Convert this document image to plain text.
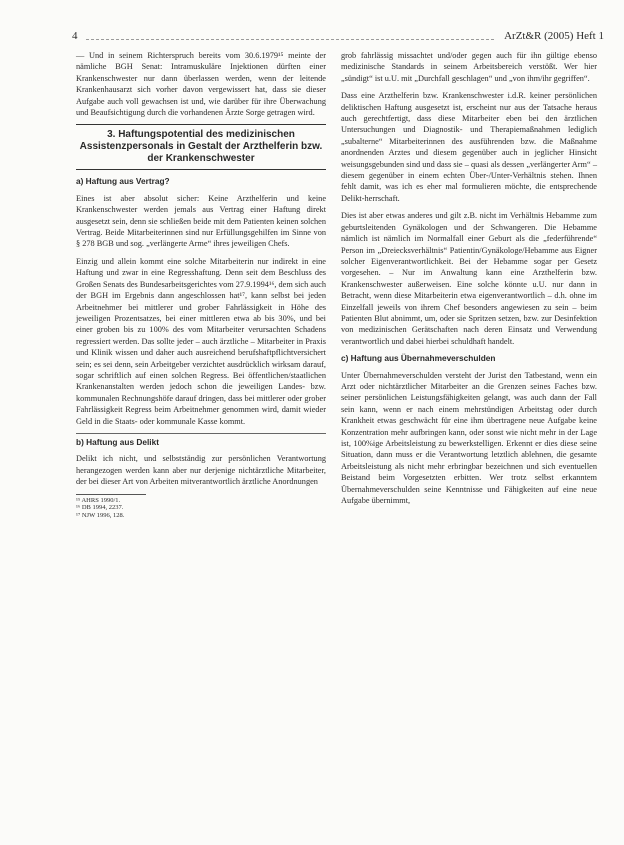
4	ArZt&R (2005) Heft 1

— Und in seinem Richterspruch bereits vom 30.6.1979¹⁵ meinte der nämliche BGH Senat: Intramuskuläre Injektionen dürften einer Krankenschwester nur dann überlassen werden, wenn der leitende Krankenhausarzt sich vorher davon vergewissert hat, dass sie dieser Aufgabe auch voll gewachsen ist und, wie darüber für ihre Überwachung und Beaufsichtigung durch die vorhandenen Ärzte Sorge getragen wird.

3. Haftungspotential des medizinischen Assistenzpersonals in Gestalt der Arzthelferin bzw. der Krankenschwester
a) Haftung aus Vertrag?

Eines ist aber absolut sicher: Keine Arzthelferin und keine Krankenschwester werden jemals aus Vertrag einer Haftung direkt ausgesetzt sein, denn sie schließen beide mit dem Patienten keinen solchen Vertrag. Beide Mitarbeiterinnen sind nur Erfüllungsgehilfen im Sinne von § 278 BGB und sog. „verlängerte Arme“ ihres jeweiligen Chefs.

Einzig und allein kommt eine solche Mitarbeiterin nur indirekt in eine Haftung und zwar in eine Regresshaftung. Denn seit dem Beschluss des Großen Senats des Bundesarbeitsgerichtes vom 27.9.1994¹⁶, dem sich auch der BGH im Ergebnis dann angeschlossen hat¹⁷, kann selbst bei jeden Arbeitnehmer bei mittlerer und grober Fahrlässigkeit in Höhe des jeweiligen Prozentsatzes, bei einer mittleren etwa ab bis 30%, und bei einer groben bis zu 100% des vom Mitarbeiter verursachten Schadens regressiert werden. Das sollte jeder – auch ärztliche – Mitarbeiter in Praxis und Klinik wissen und daher auch ausreichend berufshaftpflichtversichert sein; es sei denn, sein Arbeitgeber verzichtet ausdrücklich wirksam darauf, sogar schriftlich auf einen solchen Regress. Bei öffentlichen/staatlichen Krankenanstalten werden jedoch schon die jeweiligen Landes- bzw. kommunalen Rechnungshöfe darauf dringen, dass bei mittlerer oder grober Fahrlässigkeit Regress beim Arbeitnehmer genommen wird, damit wieder Geld in die Staats- oder kommunale Kasse kommt.

b) Haftung aus Delikt

Delikt ich nicht, und selbstständig zur persönlichen Verantwortung herangezogen werden kann aber nur derjenige nichtärztliche Mitarbeiter, der bei dieser Art von Arbeiten mitverantwortlich ärztliche Anordnungen

¹⁵ AHRS 1990/1.

¹⁶ DB 1994, 2237.

¹⁷ NJW 1996, 128.

grob fahrlässig missachtet und/oder gegen auch für ihn gültige ebenso medizinische Standards in seinem Arbeitsbereich verstößt. Wer hier „sündigt“ ist u.U. mit „Durchfall geschlagen“ und „von ihm/ihr gegriffen“.

Dass eine Arzthelferin bzw. Krankenschwester i.d.R. keiner persönlichen deliktischen Haftung ausgesetzt ist, erscheint nur aus der Tatsache heraus auch gerechtfertigt, dass diese Mitarbeiter eben bei den ärztlichen Untersuchungen und Diagnostik- und Therapiemaßnahmen lediglich „subalterne“ Mitarbeiterinnen des ausführenden bzw. die Maßnahme anordnenden Arztes und diesem gegenüber auch in jeglicher Hinsicht weisungsgebunden sind und dass sie – quasi als dessen „verlängerter Arm“ – diesem gegenüber in einem echten Über-/Unter-Verhältnis stehen. Ihnen fehlt damit, was ich es eher mal formulieren möchte, die entsprechende Delikt-herrschaft.

Dies ist aber etwas anderes und gilt z.B. nicht im Verhältnis Hebamme zum geburtsleitenden Gynäkologen und der Schwangeren. Die Hebamme nämlich ist nämlich im Normalfall einer Geburt als die „federführende“ Person im „Dreiecksverhältnis“ Patientin/Gynäkologe/Hebamme aus Eigner solcher Eigenverantwortlichkeit. Bei der Hebamme sogar per Gesetz vorgesehen. – Nur im Anwaltung kann eine Arzthelferin bzw. Krankenschwester außerweisen. Eine solche könnte u.U. nur dann in Betracht, wenn diese Mitarbeiterin etwa eigenverantwortlich – d.h. ohne im Einzelfall jeweils von ihrem Chef besonders angewiesen zu sein – beim Patienten Blut abnimmt, um, oder sie Spritzen setzen, bzw. zur Desinfektion von medizinischen Gerätschaften nach deren Einsatz und Verwendung verantwortlich und dabei hierbei schuldhaft handelt.

c) Haftung aus Übernahmeverschulden

Unter Übernahmeverschulden versteht der Jurist den Tatbestand, wenn ein Arzt oder nichtärztlicher Mitarbeiter an die Grenzen seines Faches bzw. seiner persönlichen Leistungsfähigkeiten gelangt, was auch dann der Fall sein kann, wenn er nach einem mehrstündigen Arbeitstag oder durch Krankheit etwas geschwächt für eine ihm übertragene neue Aufgabe keine Konzentration mehr aufbringen kann, oder sonst wie nicht mehr in der Lage ist, 100%ige Arbeitsleistung zu bewerkstelligen. Erkennt er dies diese seine Situation, dann muss er die Verantwortung letztlich ablehnen, die gesamte Arbeitsleistung als nicht mehr erbringbar bezeichnen und sich eventuellen Beistand beim Vorgesetzten erbitten. Wer trotz selbst erkanntem Übernahmeverschulden seine Kenntnisse und Fähigkeiten auf eine neue Aufgabe übernimmt,
